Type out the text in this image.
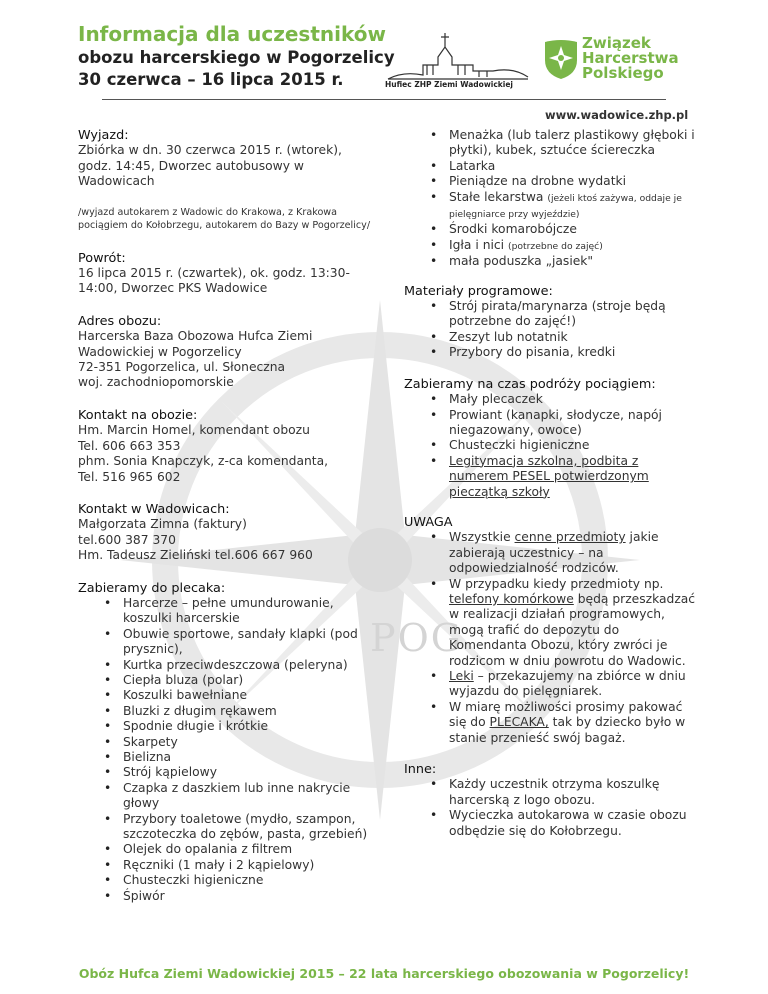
POG

Informacja dla uczestników

obozu harcerskiego w Pogorzelicy

30 czerwca – 16 lipca 2015 r.	Hufiec ZHP Ziemi Wadowickiej
Związek
Harcerstwa
Polskiego
www.wadowice.zhp.pl

Wyjazd:

Zbiórka w dn. 30 czerwca 2015 r. (wtorek), godz. 14:45, Dworzec autobusowy w Wadowicach
/wyjazd autokarem z Wadowic do Krakowa, z Krakowa pociągiem do Kołobrzegu, autokarem do Bazy w Pogorzelicy/

Powrót:

16 lipca 2015 r. (czwartek), ok. godz. 13:30-14:00, Dworzec PKS Wadowice

Adres obozu:

Harcerska Baza Obozowa Hufca Ziemi Wadowickiej w Pogorzelicy
72-351 Pogorzelica, ul. Słoneczna
woj. zachodniopomorskie

Kontakt na obozie:

Hm. Marcin Homel, komendant obozu
Tel. 606 663 353
phm. Sonia Knapczyk, z-ca komendanta,
Tel. 516 965 602

Kontakt w Wadowicach:

Małgorzata Zimna (faktury)
tel.600 387 370
Hm. Tadeusz Zieliński tel.606 667 960

Zabieramy do plecaka:

• Harcerze – pełne umundurowanie, koszulki harcerskie
• Obuwie sportowe, sandały klapki (pod prysznic),
• Kurtka przeciwdeszczowa (peleryna)
• Ciepła bluza (polar)
• Koszulki bawełniane
• Bluzki z długim rękawem
• Spodnie długie i krótkie
• Skarpety
• Bielizna
• Strój kąpielowy
• Czapka z daszkiem lub inne nakrycie głowy
• Przybory toaletowe (mydło, szampon, szczoteczka do zębów, pasta, grzebień)
• Olejek do opalania z filtrem
• Ręczniki (1 mały i 2 kąpielowy)
• Chusteczki higieniczne
• Śpiwór
• Menażka (lub talerz plastikowy głęboki i płytki), kubek, sztućce ściereczka
• Latarka
• Pieniądze na drobne wydatki
• Stałe lekarstwa (jeżeli ktoś zażywa, oddaje je pielęgniarce przy wyjeździe)
• Środki komarobójcze
• Igła i nici (potrzebne do zajęć)
• mała poduszka „jasiek"

Materiały programowe:

• Strój pirata/marynarza (stroje będą potrzebne do zajęć!)
• Zeszyt lub notatnik
• Przybory do pisania, kredki

Zabieramy na czas podróży pociągiem:

• Mały plecaczek
• Prowiant (kanapki, słodycze, napój niegazowany, owoce)
• Chusteczki higieniczne
• Legitymacja szkolna, podbita z numerem PESEL potwierdzonym pieczątką szkoły

UWAGA

• Wszystkie cenne przedmioty jakie zabierają uczestnicy – na odpowiedzialność rodziców.
• W przypadku kiedy przedmioty np. telefony komórkowe będą przeszkadzać w realizacji działań programowych, mogą trafić do depozytu do Komendanta Obozu, który zwróci je rodzicom w dniu powrotu do Wadowic.
• Leki – przekazujemy na zbiórce w dniu wyjazdu do pielęgniarek.
• W miarę możliwości prosimy pakować się do PLECAKA, tak by dziecko było w stanie przenieść swój bagaż.

Inne:

• Każdy uczestnik otrzyma koszulkę harcerską z logo obozu.
• Wycieczka autokarowa w czasie obozu odbędzie się do Kołobrzegu.
Obóz Hufca Ziemi Wadowickiej 2015 – 22 lata harcerskiego obozowania w Pogorzelicy!
